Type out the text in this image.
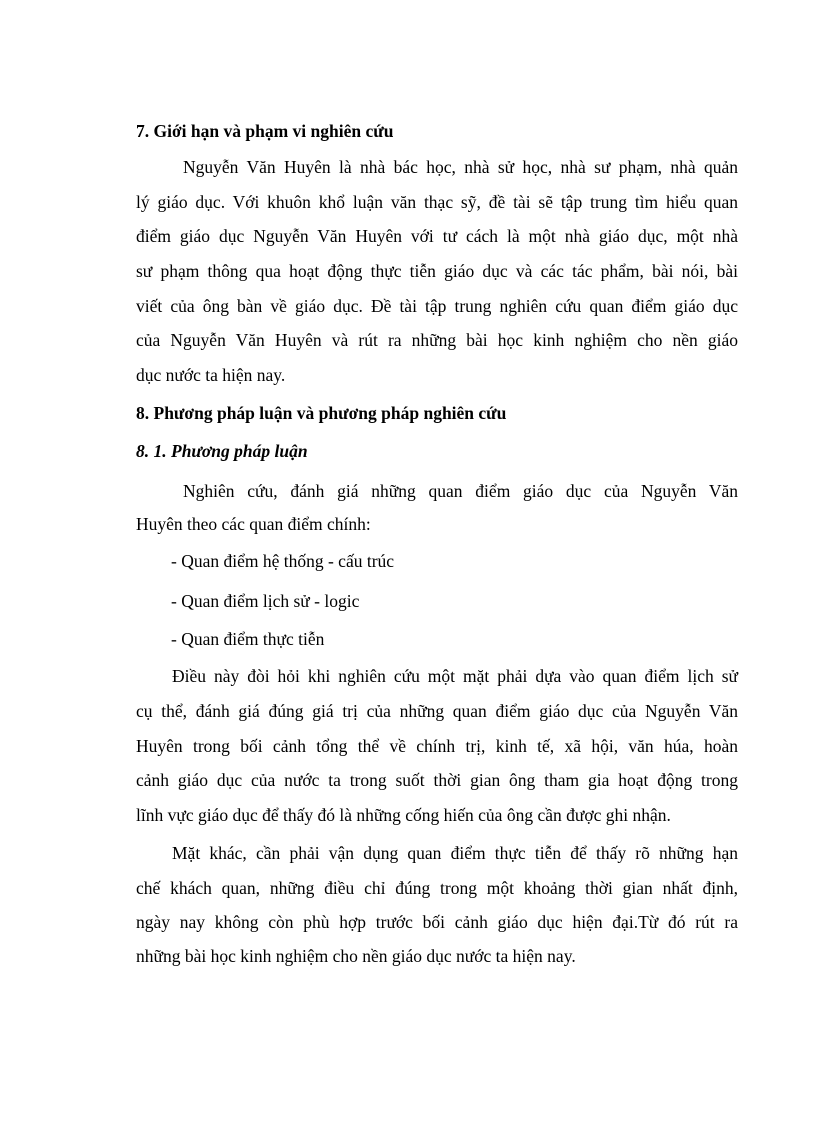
7. Giới hạn và phạm vi nghiên cứu
Nguyễn Văn Huyên là nhà bác học, nhà sử học, nhà sư phạm, nhà quản
lý giáo dục. Với khuôn khổ luận văn thạc sỹ, đề tài sẽ tập trung tìm hiểu quan
điểm giáo dục Nguyễn Văn Huyên với tư cách là một nhà giáo dục, một nhà
sư phạm thông qua hoạt động thực tiễn giáo dục và các tác phẩm, bài nói, bài
viết của ông bàn về giáo dục. Đề tài tập trung nghiên cứu quan điểm giáo dục
của Nguyễn Văn Huyên và rút ra những bài học kinh nghiệm cho nền giáo
dục nước ta hiện nay.
8. Phương pháp luận và phương pháp nghiên cứu
8. 1. Phương pháp luận
Nghiên cứu, đánh giá những quan điểm giáo dục của Nguyễn Văn
Huyên theo các quan điểm chính:
- Quan điểm hệ thống - cấu trúc
- Quan điểm lịch sử - logic
- Quan điểm thực tiễn
Điều này đòi hỏi khi nghiên cứu một mặt phải dựa vào quan điểm lịch sử
cụ thể, đánh giá đúng giá trị của những quan điểm giáo dục của Nguyễn Văn
Huyên trong bối cảnh tổng thể về chính trị, kinh tế, xã hội, văn húa, hoàn
cảnh giáo dục của nước ta trong suốt thời gian ông tham gia hoạt động trong
lĩnh vực giáo dục để thấy đó là những cống hiến của ông cần được ghi nhận.
Mặt khác, cần phải vận dụng quan điểm thực tiễn để thấy rõ những hạn
chế khách quan, những điều chỉ đúng trong một khoảng thời gian nhất định,
ngày nay không còn phù hợp trước bối cảnh giáo dục hiện đại.Từ đó rút ra
những bài học kinh nghiệm cho nền giáo dục nước ta hiện nay.
